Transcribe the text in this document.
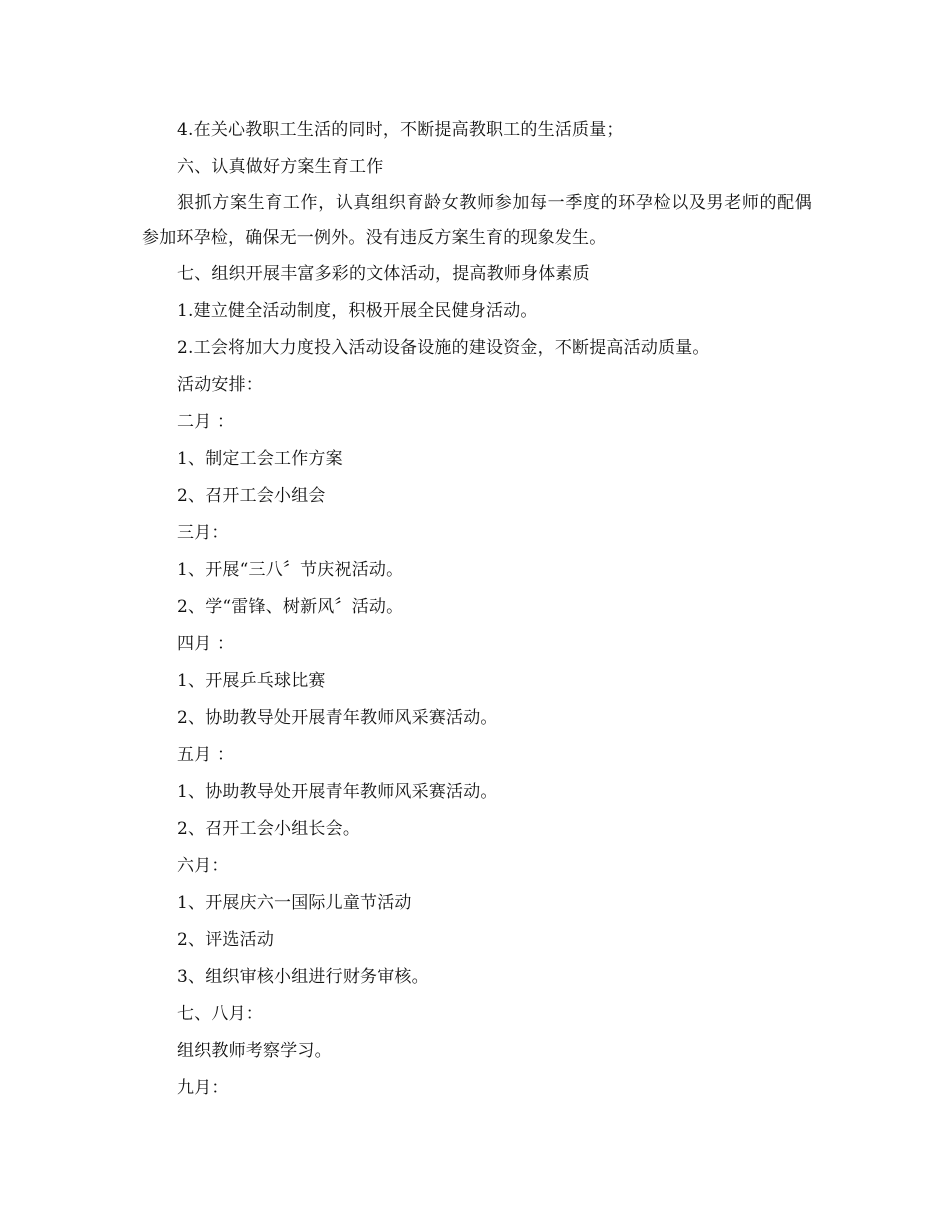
4.在关心教职工生活的同时，不断提高教职工的生活质量；
六、认真做好方案生育工作

狠抓方案生育工作，认真组织育龄女教师参加每一季度的环孕检以及男老师的配偶参加环孕检，确保无一例外。没有违反方案生育的现象发生。

七、组织开展丰富多彩的文体活动，提高教师身体素质
1.建立健全活动制度，积极开展全民健身活动。
2.工会将加大力度投入活动设备设施的建设资金，不断提高活动质量。
活动安排：
二月 ：
1、制定工会工作方案
2、召开工会小组会
三月：
1、开展“三八〞节庆祝活动。
2、学“雷锋、树新风〞活动。
四月 ：
1、开展乒乓球比赛
2、协助教导处开展青年教师风采赛活动。
五月 ：
1、协助教导处开展青年教师风采赛活动。
2、召开工会小组长会。
六月：
1、开展庆六一国际儿童节活动
2、评选活动
3、组织审核小组进行财务审核。
七、八月：
组织教师考察学习。
九月：
